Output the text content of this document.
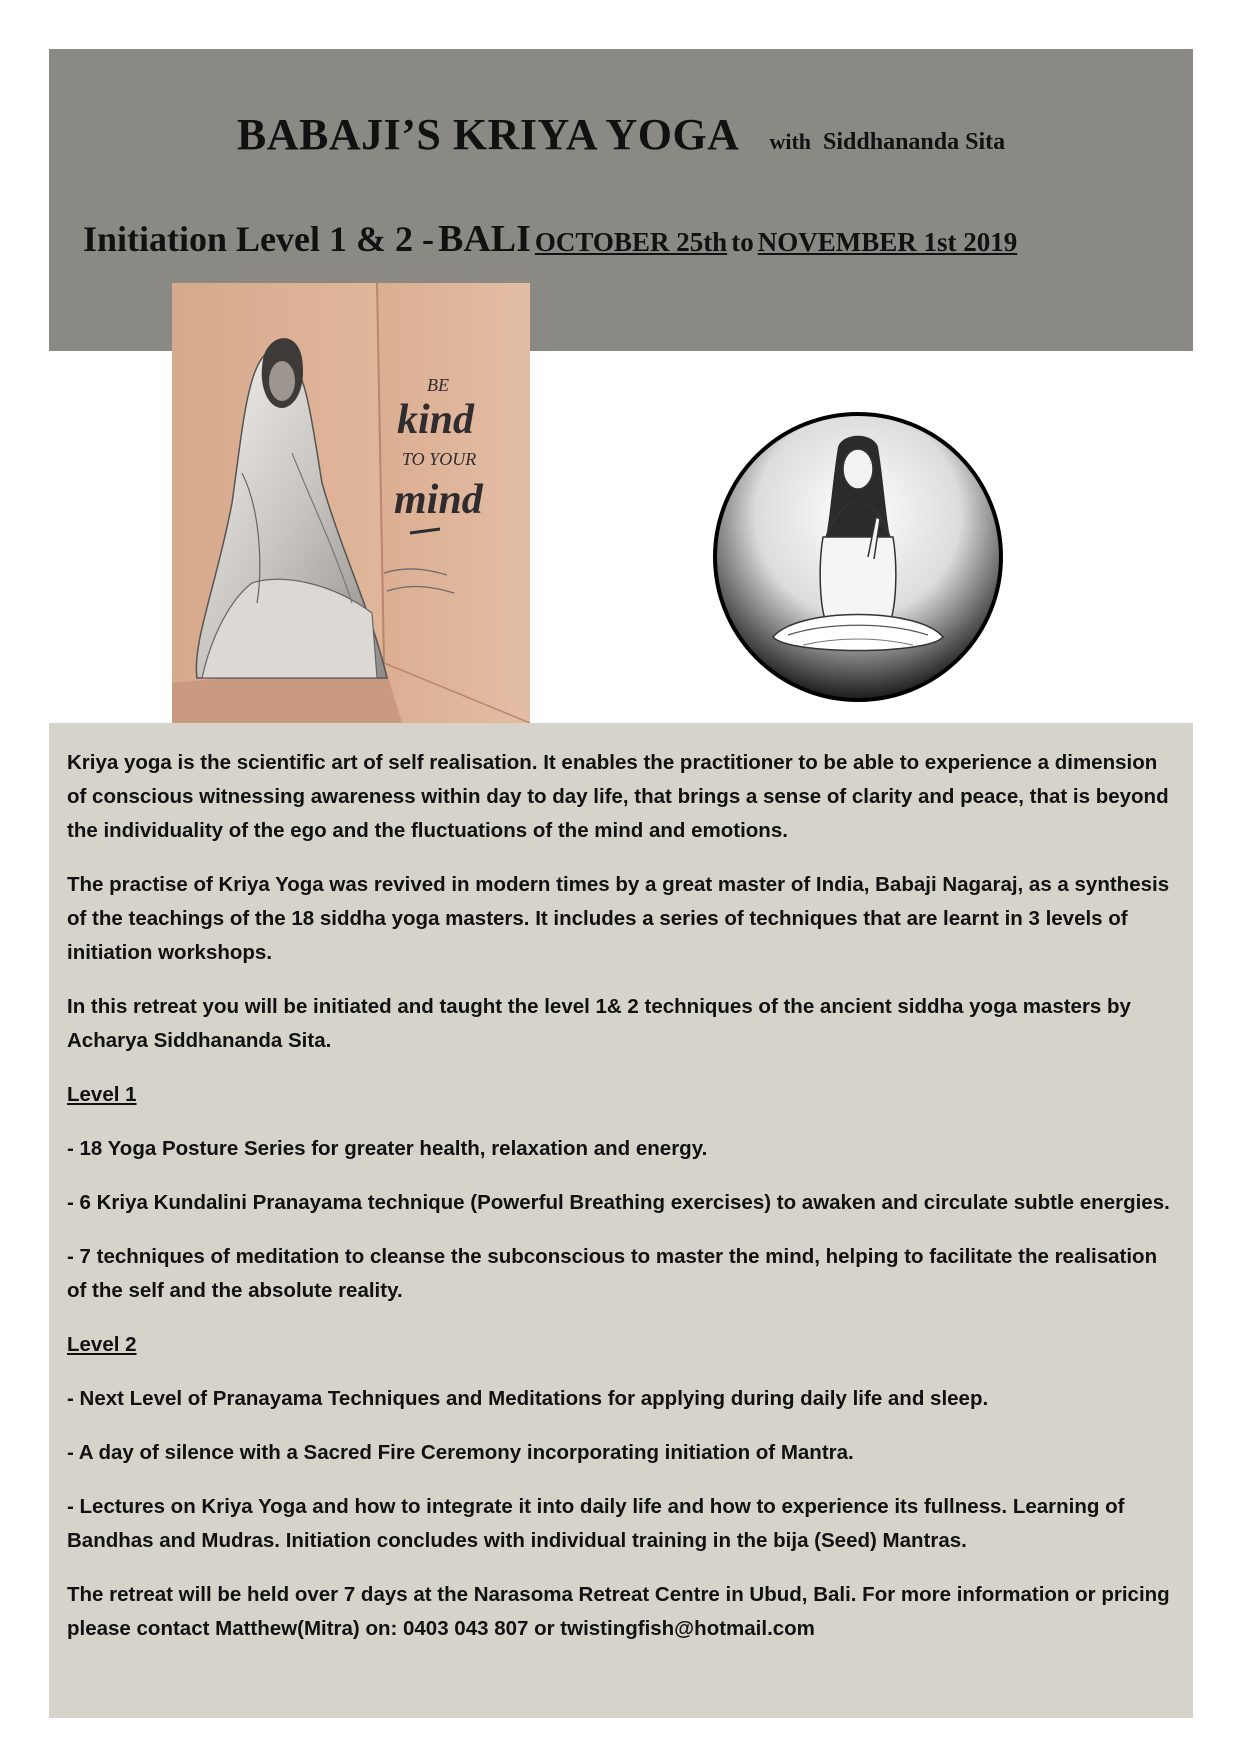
BABAJI’S KRIYA YOGA with Siddhananda Sita
Initiation Level 1 & 2 - BALI OCTOBER 25th to NOVEMBER 1st 2019
BE
kind
TO YOUR
mind

Kriya yoga is the scientific art of self realisation. It enables the practitioner to be able to experience a dimension of conscious witnessing awareness within day to day life, that brings a sense of clarity and peace, that is beyond the individuality of the ego and the fluctuations of the mind and emotions.

The practise of Kriya Yoga was revived in modern times by a great master of India, Babaji Nagaraj, as a synthesis of the teachings of the 18 siddha yoga masters. It includes a series of techniques that are learnt in 3 levels of initiation workshops.

In this retreat you will be initiated and taught the level 1& 2 techniques of the ancient siddha yoga masters by Acharya Siddhananda Sita.

Level 1

- 18 Yoga Posture Series for greater health, relaxation and energy.

- 6 Kriya Kundalini Pranayama technique (Powerful Breathing exercises) to awaken and circulate subtle energies.

- 7 techniques of meditation to cleanse the subconscious to master the mind, helping to facilitate the realisation of the self and the absolute reality.

Level 2

- Next Level of Pranayama Techniques and Meditations for applying during daily life and sleep.

- A day of silence with a Sacred Fire Ceremony incorporating initiation of Mantra.

- Lectures on Kriya Yoga and how to integrate it into daily life and how to experience its fullness. Learning of Bandhas and Mudras. Initiation concludes with individual training in the bija (Seed) Mantras.

The retreat will be held over 7 days at the Narasoma Retreat Centre in Ubud, Bali. For more information or pricing please contact Matthew(Mitra) on: 0403 043 807 or twistingfish@hotmail.com
